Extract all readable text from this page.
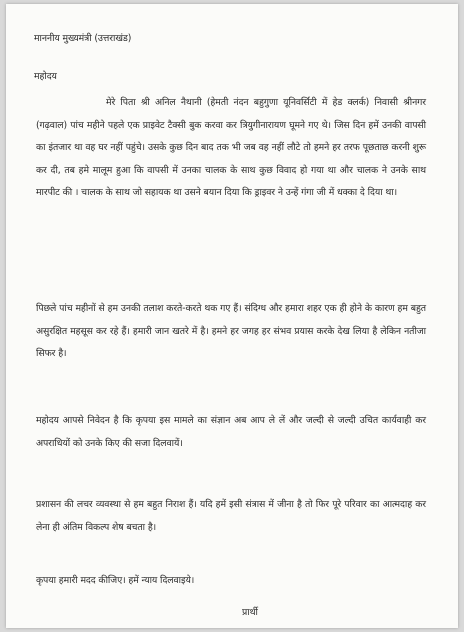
माननीय मुख्यमंत्री (उत्तराखंड)
महोदय
मेरे पिता श्री अनिल नैथानी (हेमती नंदन बहुगुणा यूनिवर्सिटी में हेड क्लर्क) निवासी श्रीनगर (गढ़वाल) पांच महीने पहले एक प्राइवेट टैक्सी बुक करवा कर त्रियुगीनारायण घूमने गए थे। जिस दिन हमें उनकी वापसी का इंतजार था वह घर नहीं पहुंचे। उसके कुछ दिन बाद तक भी जब वह नहीं लौटे तो हमने हर तरफ पूछताछ करनी शुरू कर दी, तब हमे मालूम हुआ कि वापसी में उनका चालक के साथ कुछ विवाद हो गया था और चालक ने उनके साथ मारपीट की । चालक के साथ जो सहायक था उसने बयान दिया कि ड्राइवर ने उन्हें गंगा जी में धक्का दे दिया था।
पिछले पांच महीनों से हम उनकी तलाश करते-करते थक गए हैं। संदिग्ध और हमारा शहर एक ही होने के कारण हम बहुत असुरक्षित महसूस कर रहे हैं। हमारी जान खतरे में है। हमने हर जगह हर संभव प्रयास करके देख लिया है लेकिन नतीजा सिफर है।
महोदय आपसे निवेदन है कि कृपया इस मामले का संज्ञान अब आप ले लें और जल्दी से जल्दी उचित कार्यवाही कर अपराधियों को उनके किए की सजा दिलवायें।
प्रशासन की लचर व्यवस्था से हम बहुत निराश हैं। यदि हमें इसी संत्रास में जीना है तो फिर पूरे परिवार का आत्मदाह कर लेना ही अंतिम विकल्प शेष बचता है।
कृपया हमारी मदद कीजिए। हमें न्याय दिलवाइये।
प्रार्थी
